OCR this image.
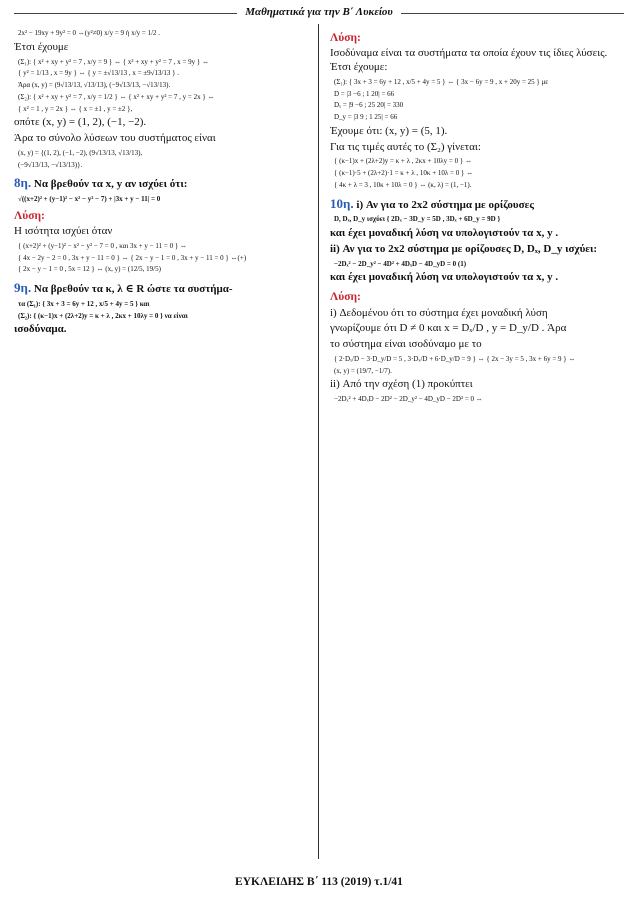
Μαθηματικά για την Β΄ Λυκείου

2x² − 19xy + 9y² = 0 ⇔(y²≠0) x/y = 9 ή x/y = 1/2 .

Έτσι έχουμε

(Σ₁): { x² + xy + y² = 7 , x/y = 9 } ⇔ { x² + xy + y² = 7 , x = 9y } ⇔

{ y² = 1/13 , x = 9y } ⇔ { y = ±√13/13 , x = ±9√13/13 } .

Άρα (x, y) = (9√13/13, √13/13), (−9√13/13, −√13/13).

(Σ₂): { x² + xy + y² = 7 , x/y = 1/2 } ⇔ { x² + xy + y² = 7 , y = 2x } ⇔

{ x² = 1 , y = 2x } ⇔ { x = ±1 , y = ±2 },

οπότε (x, y) = (1, 2), (−1, −2).

Άρα το σύνολο λύσεων του συστήματος είναι

(x, y) = {(1, 2), (−1, −2), (9√13/13, √13/13),

(−9√13/13, −√13/13)}.

8η. Να βρεθούν τα x, y αν ισχύει ότι:

√((x+2)² + (y−1)² − x² − y² − 7) + |3x + y − 11| = 0

Λύση:

Η ισότητα ισχύει όταν

{ (x+2)² + (y−1)² − x² − y² − 7 = 0 , και 3x + y − 11 = 0 } ⇔

{ 4x − 2y − 2 = 0 , 3x + y − 11 = 0 } ⇔ { 2x − y − 1 = 0 , 3x + y − 11 = 0 } ⇔(+)

{ 2x − y − 1 = 0 , 5x = 12 } ⇔ (x, y) = (12/5, 19/5)

9η. Να βρεθούν τα κ, λ ∈ R ώστε τα συστήμα-

τα (Σ₁): { 3x + 3 = 6y + 12 , x/5 + 4y = 5 } και

(Σ₂): { (κ−1)x + (2λ+2)y = κ + λ , 2κx + 10λy = 0 } να είναι

ισοδύναμα.

Λύση:

Ισοδύναμα είναι τα συστήματα τα οποία έχουν τις ίδιες λύσεις. Έτσι έχουμε:

(Σ₁): { 3x + 3 = 6y + 12 , x/5 + 4y = 5 } ⇔ { 3x − 6y = 9 , x + 20y = 25 } με

D = |3 −6 ; 1 20| = 66

Dₓ = |9 −6 ; 25 20| = 330

D_y = |3 9 ; 1 25| = 66

Έχουμε ότι: (x, y) = (5, 1).

Για τις τιμές αυτές το (Σ₂) γίνεται:

{ (κ−1)x + (2λ+2)y = κ + λ , 2κx + 10λy = 0 } ⇔

{ (κ−1)·5 + (2λ+2)·1 = κ + λ , 10κ + 10λ = 0 } ⇔

{ 4κ + λ = 3 , 10κ + 10λ = 0 } ⇔ (κ, λ) = (1, −1).

10η. i) Αν για το 2x2 σύστημα με ορίζουσες

D, Dₓ, D_y ισχύει { 2Dₓ − 3D_y = 5D , 3Dₓ + 6D_y = 9D }

και έχει μοναδική λύση να υπολογιστούν τα x, y .

ii) Αν για το 2x2 σύστημα με ορίζουσες D, Dₓ, D_y ισχύει:

−2Dₓ² − 2D_y² − 4D² + 4DₓD − 4D_yD = 0 (1)

και έχει μοναδική λύση να υπολογιστούν τα x, y .

Λύση:

i) Δεδομένου ότι το σύστημα έχει μοναδική λύση

γνωρίζουμε ότι D ≠ 0 και x = Dₓ/D , y = D_y/D . Άρα

το σύστημα είναι ισοδύναμο με το

{ 2·Dₓ/D − 3·D_y/D = 5 , 3·Dₓ/D + 6·D_y/D = 9 } ⇔ { 2x − 3y = 5 , 3x + 6y = 9 } ⇔

(x, y) = (19/7, −1/7).

ii) Από την σχέση (1) προκύπτει

−2Dₓ² + 4DₓD − 2D² − 2D_y² − 4D_yD − 2D² = 0 ⇔

ΕΥΚΛΕΙΔΗΣ Β΄ 113 (2019) τ.1/41
